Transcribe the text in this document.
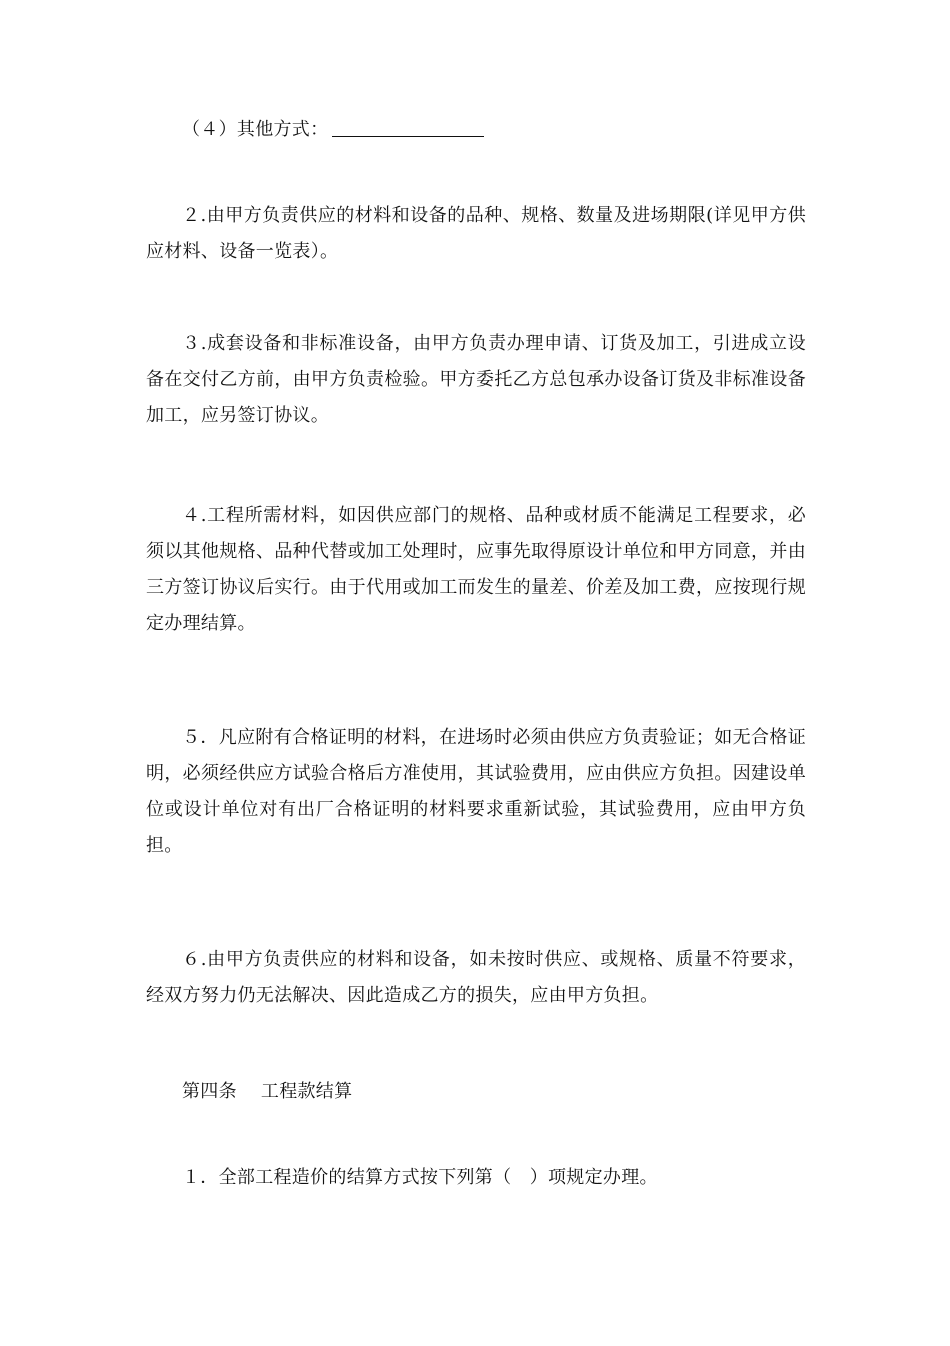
（４）其他方式：

２.由甲方负责供应的材料和设备的品种、规格、数量及进场期限(详见甲方供应材料、设备一览表）。

３.成套设备和非标准设备，由甲方负责办理申请、订货及加工，引进成立设备在交付乙方前，由甲方负责检验。甲方委托乙方总包承办设备订货及非标准设备加工，应另签订协议。

４.工程所需材料，如因供应部门的规格、品种或材质不能满足工程要求，必须以其他规格、品种代替或加工处理时，应事先取得原设计单位和甲方同意，并由三方签订协议后实行。由于代用或加工而发生的量差、价差及加工费，应按现行规定办理结算。

５．凡应附有合格证明的材料，在进场时必须由供应方负责验证；如无合格证明，必须经供应方试验合格后方准使用，其试验费用，应由供应方负担。因建设单位或设计单位对有出厂合格证明的材料要求重新试验，其试验费用，应由甲方负担。

６.由甲方负责供应的材料和设备，如未按时供应、或规格、质量不符要求，经双方努力仍无法解决、因此造成乙方的损失，应由甲方负担。

第四条 工程款结算

１．全部工程造价的结算方式按下列第（　）项规定办理。
